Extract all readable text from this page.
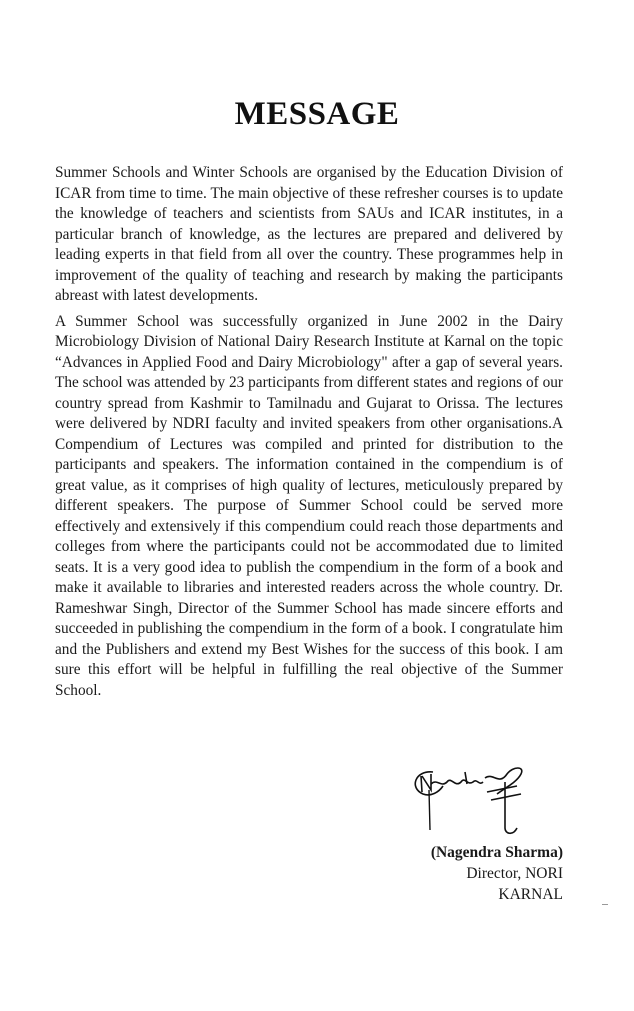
MESSAGE

Summer Schools and Winter Schools are organised by the Education Division of ICAR from time to time. The main objective of these refresher courses is to update the knowledge of teachers and scientists from SAUs and ICAR institutes, in a particular branch of knowledge, as the lectures are prepared and delivered by leading experts in that field from all over the country. These programmes help in improvement of the quality of teaching and research by making the participants abreast with latest developments.

A Summer School was successfully organized in June 2002 in the Dairy Microbiology Division of National Dairy Research Institute at Karnal on the topic “Advances in Applied Food and Dairy Microbiology" after a gap of several years. The school was attended by 23 participants from different states and regions of our country spread from Kashmir to Tamilnadu and Gujarat to Orissa. The lectures were delivered by NDRI faculty and invited speakers from other organisations.A Compendium of Lectures was compiled and printed for distribution to the participants and speakers. The information contained in the compendium is of great value, as it comprises of high quality of lectures, meticulously prepared by different speakers. The purpose of Summer School could be served more effectively and extensively if this compendium could reach those departments and colleges from where the participants could not be accommodated due to limited seats. It is a very good idea to publish the compendium in the form of a book and make it available to libraries and interested readers across the whole country. Dr. Rameshwar Singh, Director of the Summer School has made sincere efforts and succeeded in publishing the compendium in the form of a book. I congratulate him and the Publishers and extend my Best Wishes for the success of this book. I am sure this effort will be helpful in fulfilling the real objective of the Summer School.

(Nagendra Sharma)
Director, NORI
KARNAL
